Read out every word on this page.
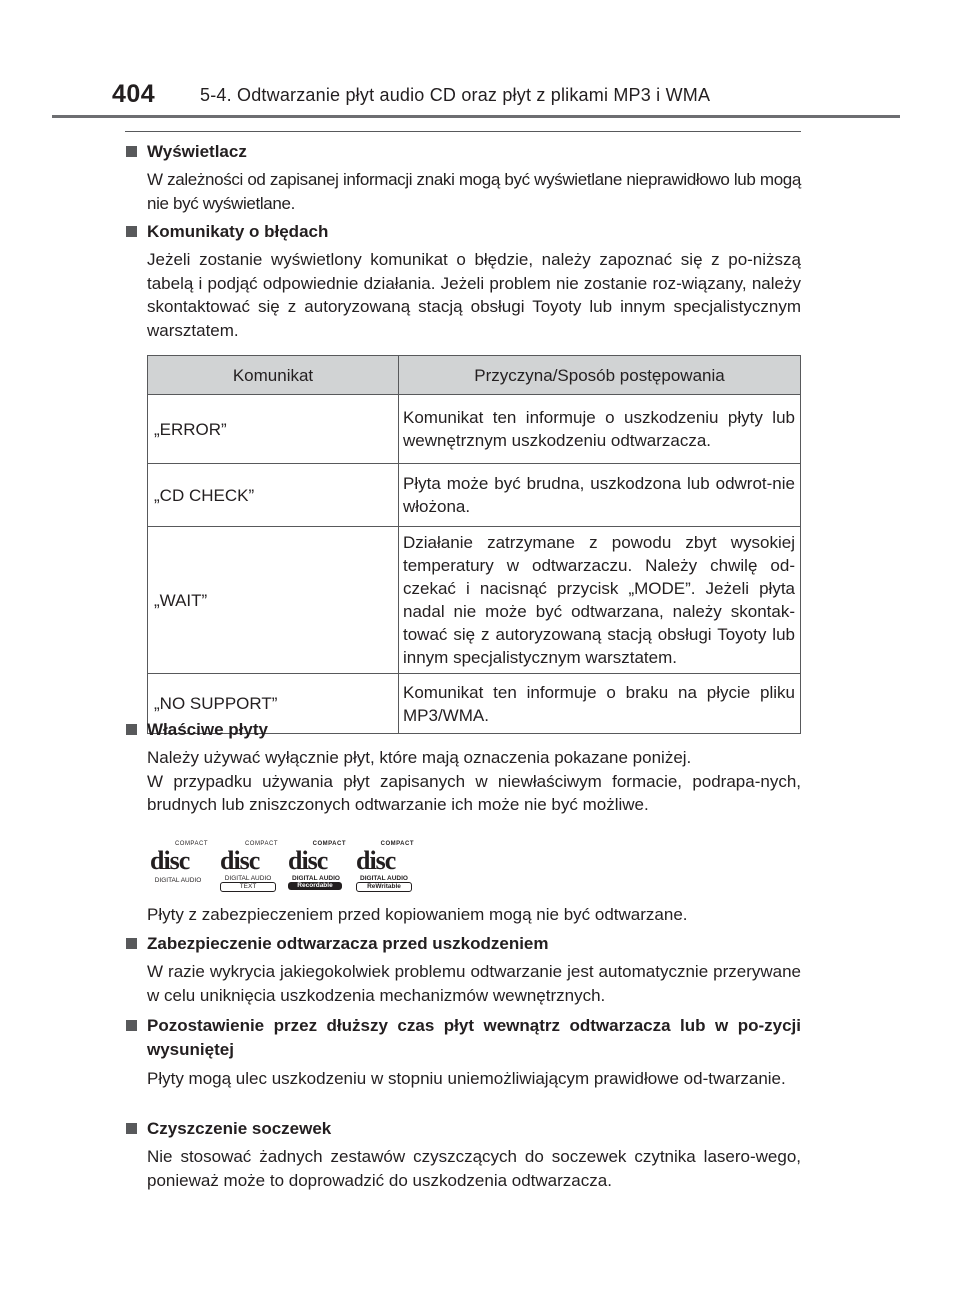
404 5-4. Odtwarzanie płyt audio CD oraz płyt z plikami MP3 i WMA
Wyświetlacz
W zależności od zapisanej informacji znaki mogą być wyświetlane nieprawidłowo lub mogą nie być wyświetlane.
Komunikaty o błędach
Jeżeli zostanie wyświetlony komunikat o błędzie, należy zapoznać się z po-niższą tabelą i podjąć odpowiednie działania. Jeżeli problem nie zostanie roz-wiązany, należy skontaktować się z autoryzowaną stacją obsługi Toyoty lub innym specjalistycznym warsztatem.
Komunikat	Przyczyna/Sposób postępowania
„ERROR”	Komunikat ten informuje o uszkodzeniu płyty lub wewnętrznym uszkodzeniu odtwarzacza.
„CD CHECK”	Płyta może być brudna, uszkodzona lub odwrot-nie włożona.
„WAIT”	Działanie zatrzymane z powodu zbyt wysokiej temperatury w odtwarzaczu. Należy chwilę od-czekać i nacisnąć przycisk „MODE”. Jeżeli płyta nadal nie może być odtwarzana, należy skontak-tować się z autoryzowaną stacją obsługi Toyoty lub innym specjalistycznym warsztatem.
„NO SUPPORT”	Komunikat ten informuje o braku na płycie pliku MP3/WMA.
Właściwe płyty
Należy używać wyłącznie płyt, które mają oznaczenia pokazane poniżej.
W przypadku używania płyt zapisanych w niewłaściwym formacie, podrapa-nych, brudnych lub zniszczonych odtwarzanie ich może nie być możliwe.
COMPACT
disc
DIGITAL AUDIO
COMPACT
disc
DIGITAL AUDIO
TEXT
COMPACT
disc
DIGITAL AUDIO
Recordable
COMPACT
disc
DIGITAL AUDIO
ReWritable
Płyty z zabezpieczeniem przed kopiowaniem mogą nie być odtwarzane.
Zabezpieczenie odtwarzacza przed uszkodzeniem
W razie wykrycia jakiegokolwiek problemu odtwarzanie jest automatycznie przerywane w celu uniknięcia uszkodzenia mechanizmów wewnętrznych.
Pozostawienie przez dłuższy czas płyt wewnątrz odtwarzacza lub w po-zycji wysuniętej
Płyty mogą ulec uszkodzeniu w stopniu uniemożliwiającym prawidłowe od-twarzanie.
Czyszczenie soczewek
Nie stosować żadnych zestawów czyszczących do soczewek czytnika lasero-wego, ponieważ może to doprowadzić do uszkodzenia odtwarzacza.
